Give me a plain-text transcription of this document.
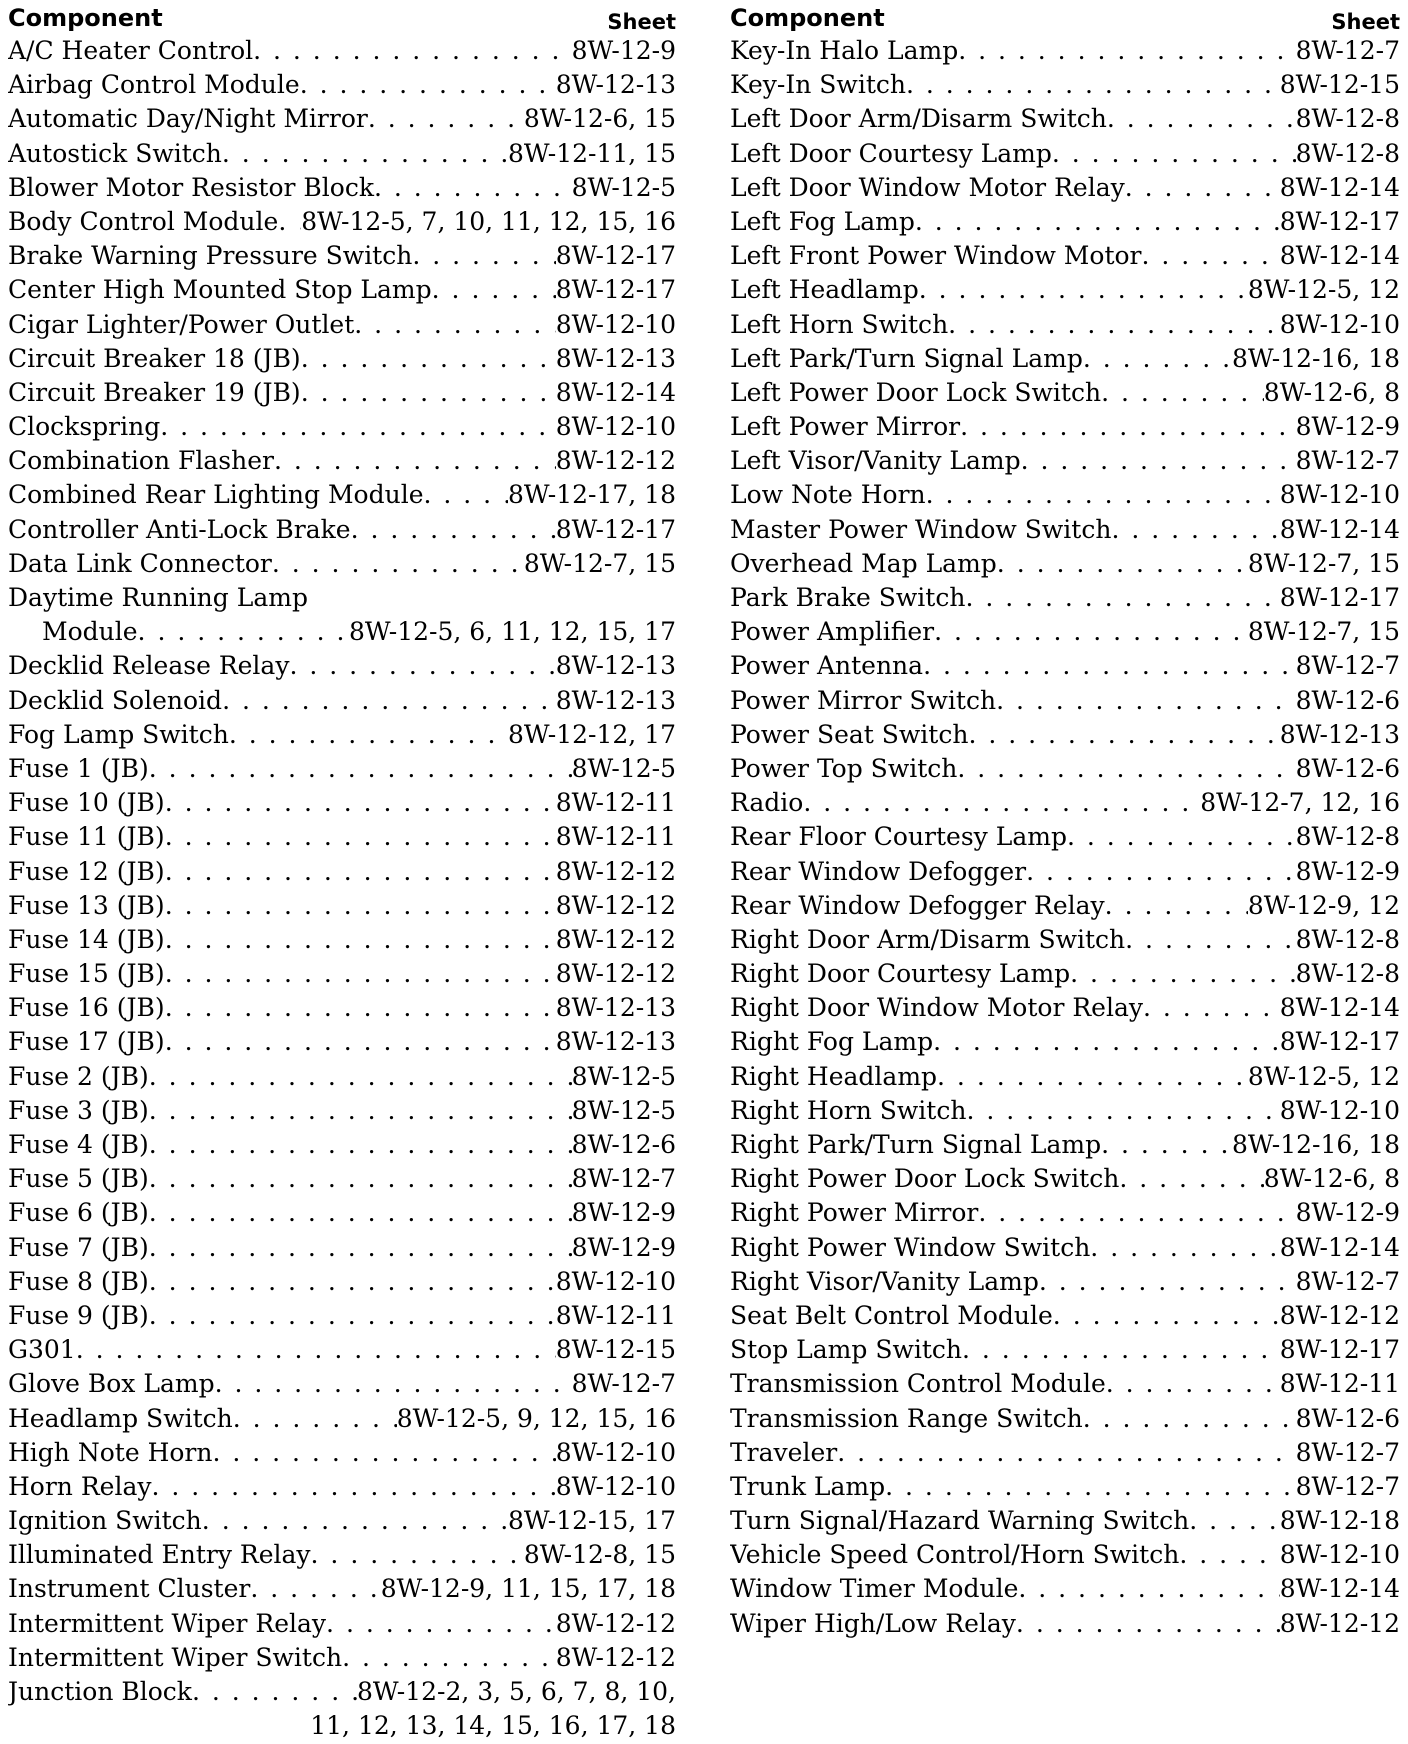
Component	Sheet
A/C Heater Control . . .	8W-12-9
Airbag Control Module . . .	8W-12-13
Automatic Day/Night Mirror . . .	8W-12-6, 15
Autostick Switch . . .	8W-12-11, 15
Blower Motor Resistor Block . . .	8W-12-5
Body Control Module . . . 8W-12-5, 7, 10, 11, 12, 15, 16
Brake Warning Pressure Switch . . .	8W-12-17
Center High Mounted Stop Lamp . . .	8W-12-17
Cigar Lighter/Power Outlet . . .	8W-12-10
Circuit Breaker 18 (JB) . . .	8W-12-13
Circuit Breaker 19 (JB) . . .	8W-12-14
Clockspring . . .	8W-12-10
Combination Flasher . . .	8W-12-12
Combined Rear Lighting Module . . .	8W-12-17, 18
Controller Anti-Lock Brake . . .	8W-12-17
Data Link Connector . . .	8W-12-7, 15
Daytime Running Lamp
Module . . .	8W-12-5, 6, 11, 12, 15, 17
Decklid Release Relay . . .	8W-12-13
Decklid Solenoid . . .	8W-12-13
Fog Lamp Switch . . .	8W-12-12, 17
Fuse 1 (JB) . . .	8W-12-5
Fuse 10 (JB) . . .	8W-12-11
Fuse 11 (JB) . . .	8W-12-11
Fuse 12 (JB) . . .	8W-12-12
Fuse 13 (JB) . . .	8W-12-12
Fuse 14 (JB) . . .	8W-12-12
Fuse 15 (JB) . . .	8W-12-12
Fuse 16 (JB) . . .	8W-12-13
Fuse 17 (JB) . . .	8W-12-13
Fuse 2 (JB) . . .	8W-12-5
Fuse 3 (JB) . . .	8W-12-5
Fuse 4 (JB) . . .	8W-12-6
Fuse 5 (JB) . . .	8W-12-7
Fuse 6 (JB) . . .	8W-12-9
Fuse 7 (JB) . . .	8W-12-9
Fuse 8 (JB) . . .	8W-12-10
Fuse 9 (JB) . . .	8W-12-11
G301 . . .	8W-12-15
Glove Box Lamp . . .	8W-12-7
Headlamp Switch . . .	8W-12-5, 9, 12, 15, 16
High Note Horn . . .	8W-12-10
Horn Relay . . .	8W-12-10
Ignition Switch . . .	8W-12-15, 17
Illuminated Entry Relay . . .	8W-12-8, 15
Instrument Cluster . . .	8W-12-9, 11, 15, 17, 18
Intermittent Wiper Relay . . .	8W-12-12
Intermittent Wiper Switch . . .	8W-12-12
Junction Block . . .	8W-12-2, 3, 5, 6, 7, 8, 10,
11, 12, 13, 14, 15, 16, 17, 18
Component	Sheet
Key-In Halo Lamp . . .	8W-12-7
Key-In Switch . . .	8W-12-15
Left Door Arm/Disarm Switch . . .	8W-12-8
Left Door Courtesy Lamp . . .	8W-12-8
Left Door Window Motor Relay . . .	8W-12-14
Left Fog Lamp . . .	8W-12-17
Left Front Power Window Motor . . .	8W-12-14
Left Headlamp . . .	8W-12-5, 12
Left Horn Switch . . .	8W-12-10
Left Park/Turn Signal Lamp . . .	8W-12-16, 18
Left Power Door Lock Switch . . .	8W-12-6, 8
Left Power Mirror . . .	8W-12-9
Left Visor/Vanity Lamp . . .	8W-12-7
Low Note Horn . . .	8W-12-10
Master Power Window Switch . . .	8W-12-14
Overhead Map Lamp . . .	8W-12-7, 15
Park Brake Switch . . .	8W-12-17
Power Amplifier . . .	8W-12-7, 15
Power Antenna . . .	8W-12-7
Power Mirror Switch . . .	8W-12-6
Power Seat Switch . . .	8W-12-13
Power Top Switch . . .	8W-12-6
Radio . . .	8W-12-7, 12, 16
Rear Floor Courtesy Lamp . . .	8W-12-8
Rear Window Defogger . . .	8W-12-9
Rear Window Defogger Relay . . .	8W-12-9, 12
Right Door Arm/Disarm Switch . . .	8W-12-8
Right Door Courtesy Lamp . . .	8W-12-8
Right Door Window Motor Relay . . .	8W-12-14
Right Fog Lamp . . .	8W-12-17
Right Headlamp . . .	8W-12-5, 12
Right Horn Switch . . .	8W-12-10
Right Park/Turn Signal Lamp . . .	8W-12-16, 18
Right Power Door Lock Switch . . .	8W-12-6, 8
Right Power Mirror . . .	8W-12-9
Right Power Window Switch . . .	8W-12-14
Right Visor/Vanity Lamp . . .	8W-12-7
Seat Belt Control Module . . .	8W-12-12
Stop Lamp Switch . . .	8W-12-17
Transmission Control Module . . .	8W-12-11
Transmission Range Switch . . .	8W-12-6
Traveler . . .	8W-12-7
Trunk Lamp . . .	8W-12-7
Turn Signal/Hazard Warning Switch . . .	8W-12-18
Vehicle Speed Control/Horn Switch . . .	8W-12-10
Window Timer Module . . .	8W-12-14
Wiper High/Low Relay . . .	8W-12-12
